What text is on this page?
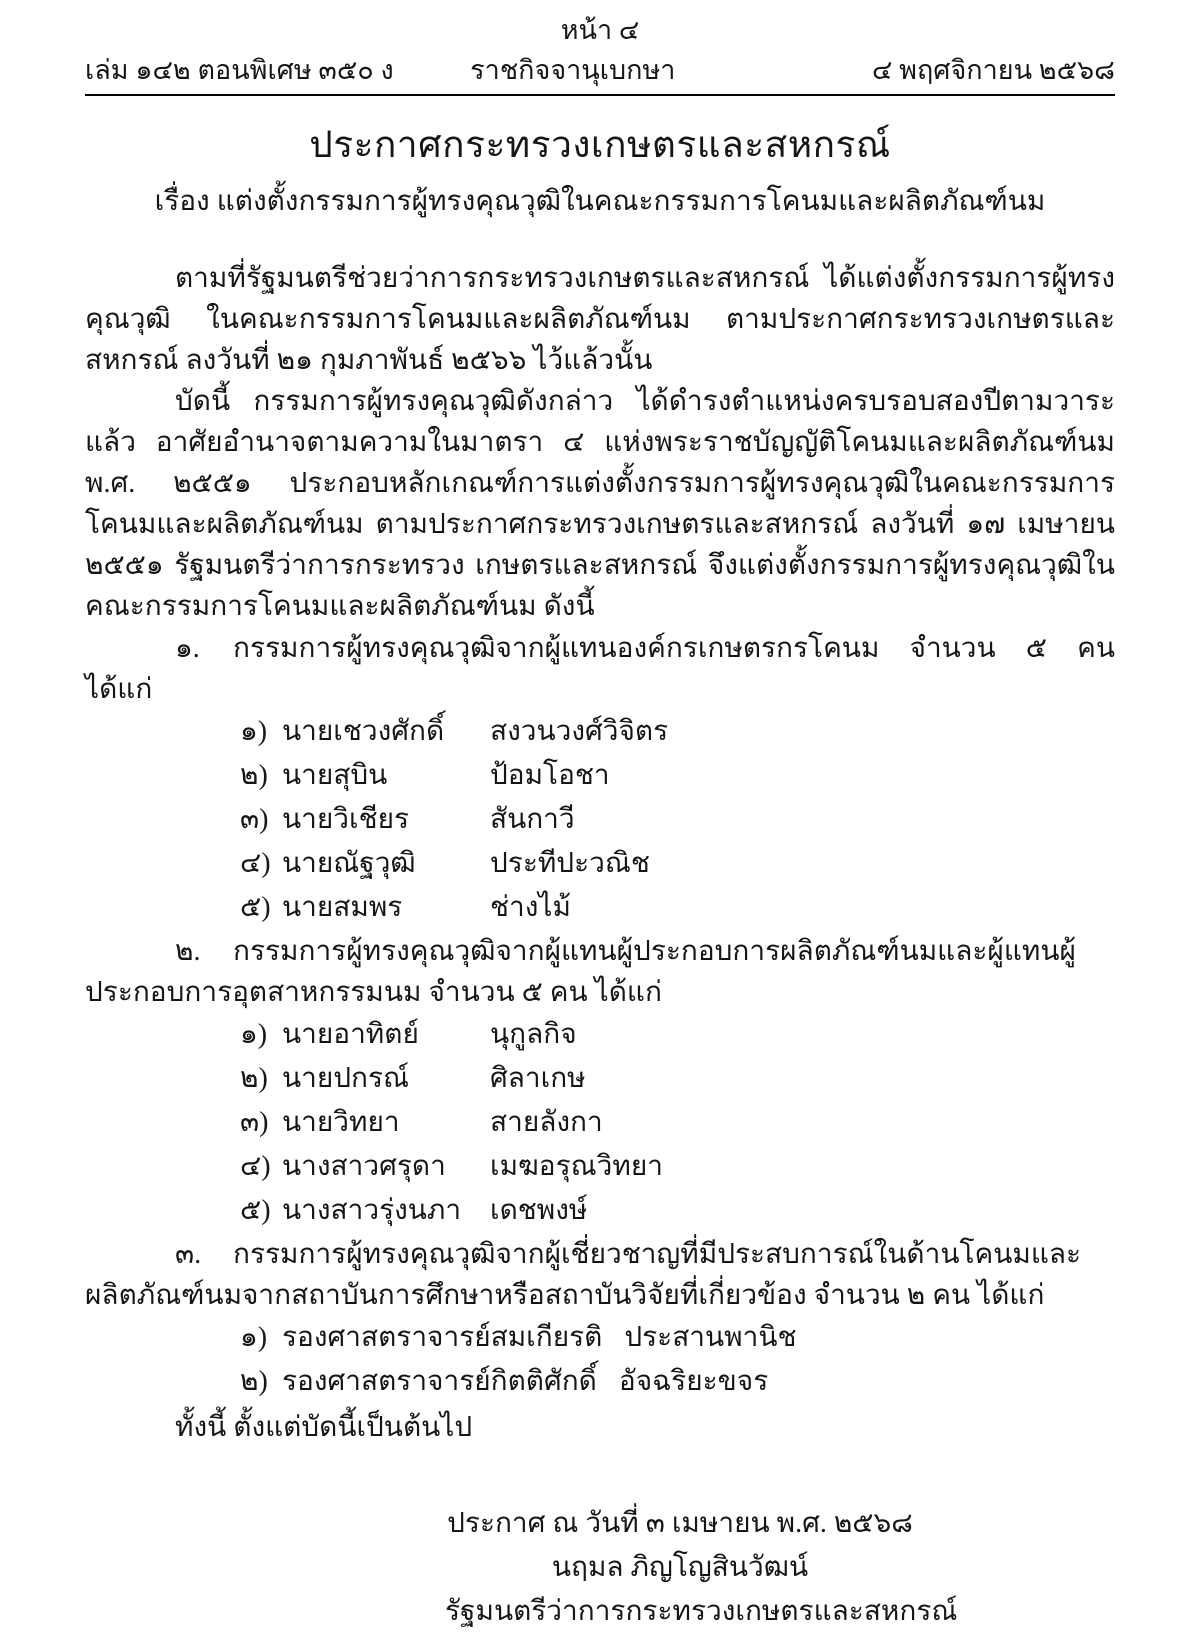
หน้า ๔
เล่ม ๑๔๒ ตอนพิเศษ ๓๕๐ ง	ราชกิจจานุเบกษา	๔ พฤศจิกายน ๒๕๖๘
ประกาศกระทรวงเกษตรและสหกรณ์
เรื่อง แต่งตั้งกรรมการผู้ทรงคุณวุฒิในคณะกรรมการโคนมและผลิตภัณฑ์นม

ตามที่รัฐมนตรีช่วยว่าการกระทรวงเกษตรและสหกรณ์ ได้แต่งตั้งกรรมการผู้ทรงคุณวุฒิ ในคณะกรรมการโคนมและผลิตภัณฑ์นม ตามประกาศกระทรวงเกษตรและสหกรณ์ ลงวันที่ ๒๑ กุมภาพันธ์ ๒๕๖๖ ไว้แล้วนั้น

บัดนี้ กรรมการผู้ทรงคุณวุฒิดังกล่าว ได้ดำรงตำแหน่งครบรอบสองปีตามวาระแล้ว อาศัยอำนาจตามความในมาตรา ๔ แห่งพระราชบัญญัติโคนมและผลิตภัณฑ์นม พ.ศ. ๒๕๕๑ ประกอบหลักเกณฑ์การแต่งตั้งกรรมการผู้ทรงคุณวุฒิในคณะกรรมการโคนมและผลิตภัณฑ์นม ตามประกาศกระทรวงเกษตรและสหกรณ์ ลงวันที่ ๑๗ เมษายน ๒๕๕๑ รัฐมนตรีว่าการกระทรวง เกษตรและสหกรณ์ จึงแต่งตั้งกรรมการผู้ทรงคุณวุฒิในคณะกรรมการโคนมและผลิตภัณฑ์นม ดังนี้

๑. กรรมการผู้ทรงคุณวุฒิจากผู้แทนองค์กรเกษตรกรโคนม จำนวน ๕ คน ได้แก่

๑) นายเชวงศักดิ์	สงวนวงศ์วิจิตร
๒) นายสุบิน	ป้อมโอชา
๓) นายวิเชียร	สันกาวี
๔) นายณัฐวุฒิ	ประทีปะวณิช
๕) นายสมพร	ช่างไม้

๒. กรรมการผู้ทรงคุณวุฒิจากผู้แทนผู้ประกอบการผลิตภัณฑ์นมและผู้แทนผู้ประกอบการอุตสาหกรรมนม จำนวน ๕ คน ได้แก่

๑) นายอาทิตย์	นุกูลกิจ
๒) นายปกรณ์	ศิลาเกษ
๓) นายวิทยา	สายลังกา
๔) นางสาวศรุดา	เมฆอรุณวิทยา
๕) นางสาวรุ่งนภา	เดชพงษ์

๓. กรรมการผู้ทรงคุณวุฒิจากผู้เชี่ยวชาญที่มีประสบการณ์ในด้านโคนมและผลิตภัณฑ์นมจากสถาบันการศึกษาหรือสถาบันวิจัยที่เกี่ยวข้อง จำนวน ๒ คน ได้แก่

๑) รองศาสตราจารย์สมเกียรติ ประสานพานิช
๒) รองศาสตราจารย์กิตติศักดิ์ อัจฉริยะขจร

ทั้งนี้ ตั้งแต่บัดนี้เป็นต้นไป

ประกาศ ณ วันที่ ๓ เมษายน พ.ศ. ๒๕๖๘
นฤมล ภิญโญสินวัฒน์
รัฐมนตรีว่าการกระทรวงเกษตรและสหกรณ์
